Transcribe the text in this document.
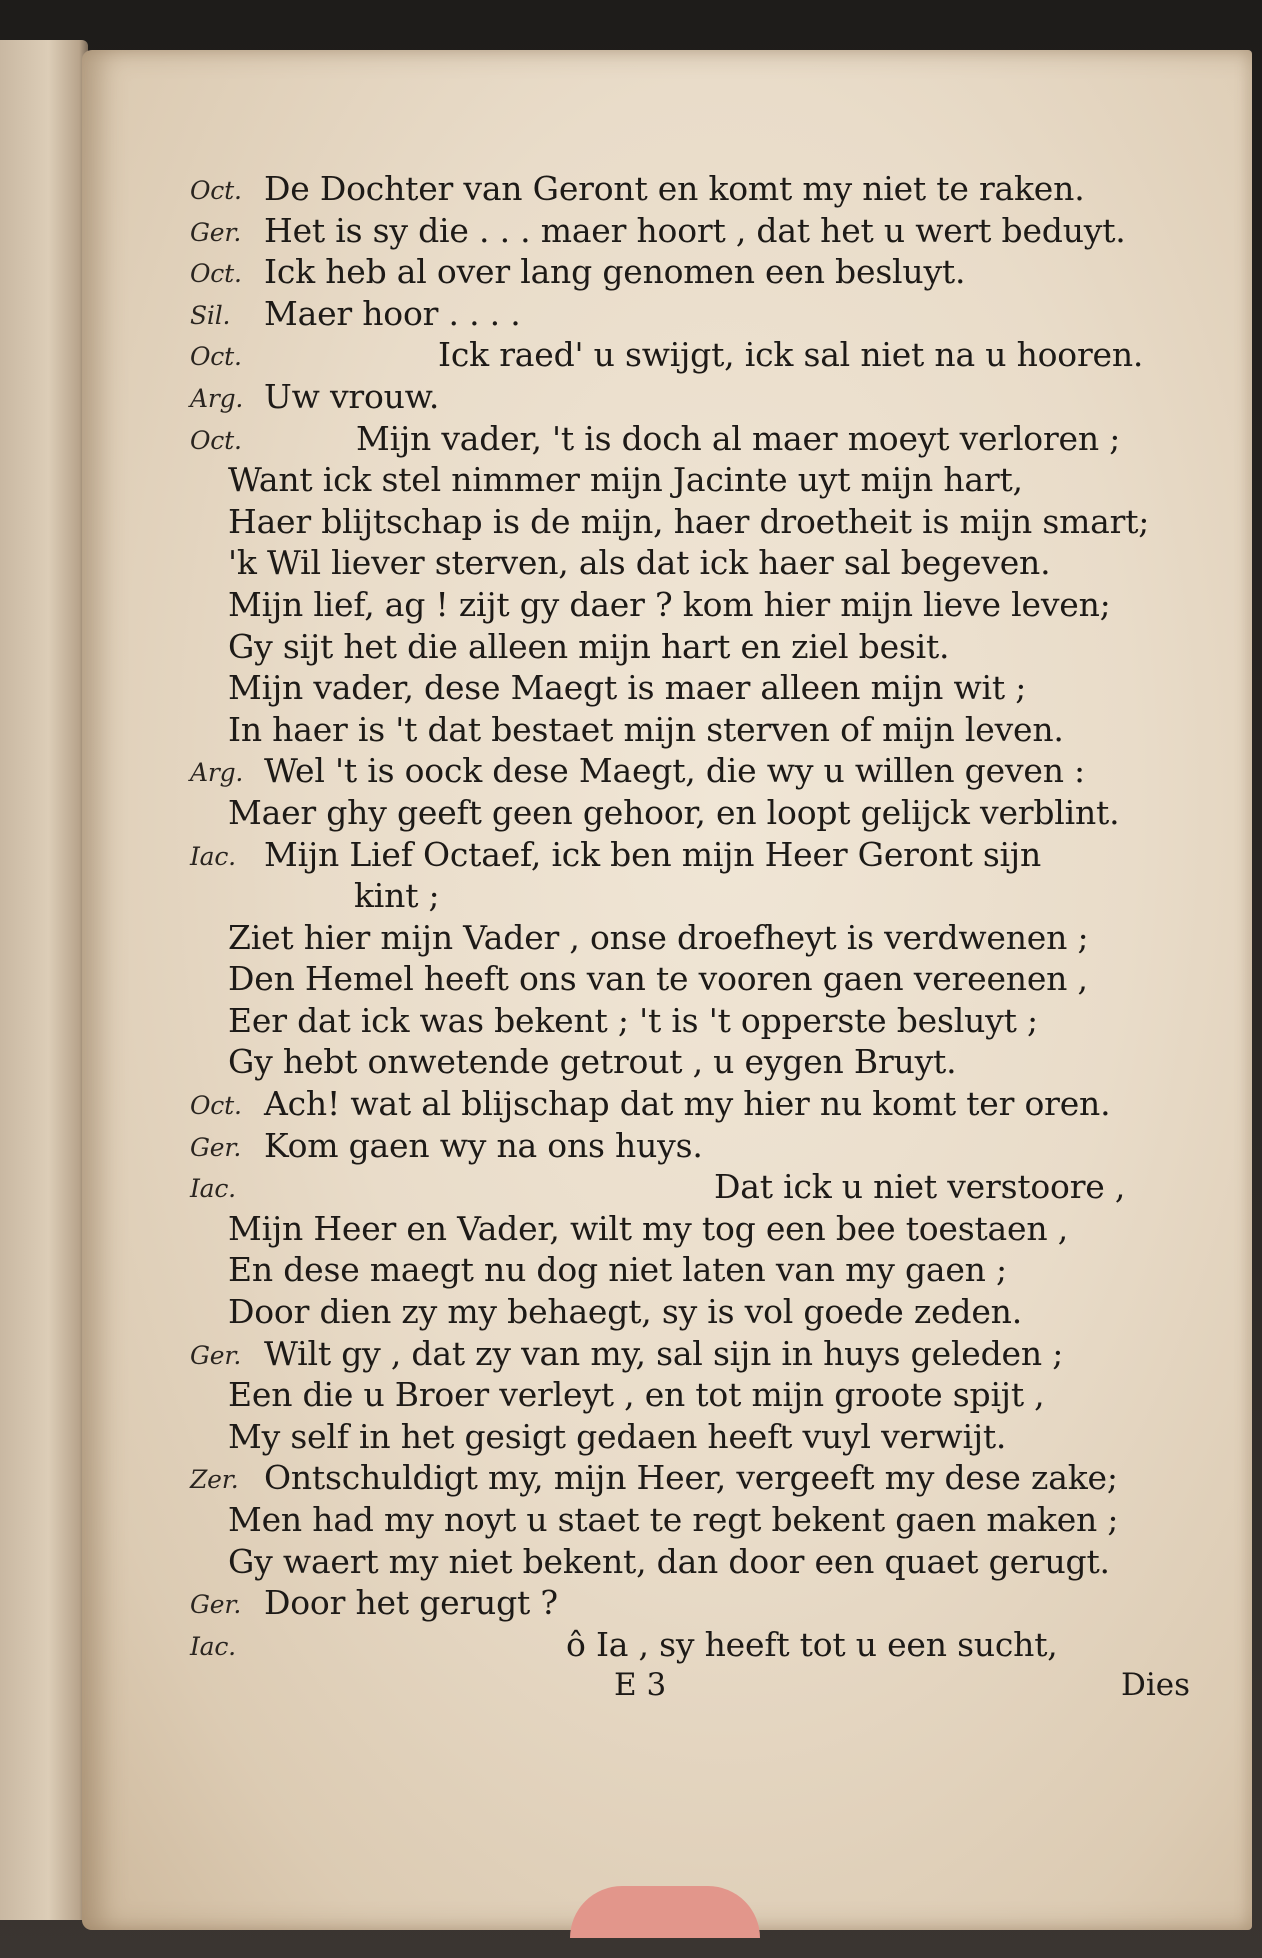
Oct. De Dochter van Geront en komt my niet te raken.
Ger. Het is sy die . . . maer hoort , dat het u wert beduyt.
Oct. Ick heb al over lang genomen een besluyt.
Sil. Maer hoor . . . .
Oct.	Ick raed' u swijgt, ick sal niet na u hooren.
Arg. Uw vrouw.
Oct.	Mijn vader, 't is doch al maer moeyt verloren ;
Want ick stel nimmer mijn Jacinte uyt mijn hart,
Haer blijtschap is de mijn, haer droetheit is mijn smart;
'k Wil liever sterven, als dat ick haer sal begeven.
Mijn lief, ag ! zijt gy daer ? kom hier mijn lieve leven;
Gy sijt het die alleen mijn hart en ziel besit.
Mijn vader, dese Maegt is maer alleen mijn wit ;
In haer is 't dat bestaet mijn sterven of mijn leven.
Arg. Wel 't is oock dese Maegt, die wy u willen geven :
Maer ghy geeft geen gehoor, en loopt gelijck verblint.
Iac. Mijn Lief Octaef, ick ben mijn Heer Geront sijn
kint ;
Ziet hier mijn Vader , onse droefheyt is verdwenen ;
Den Hemel heeft ons van te vooren gaen vereenen ,
Eer dat ick was bekent ; 't is 't opperste besluyt ;
Gy hebt onwetende getrout , u eygen Bruyt.
Oct. Ach! wat al blijschap dat my hier nu komt ter oren.
Ger. Kom gaen wy na ons huys.
Iac.	Dat ick u niet verstoore ,
Mijn Heer en Vader, wilt my tog een bee toestaen ,
En dese maegt nu dog niet laten van my gaen ;
Door dien zy my behaegt, sy is vol goede zeden.
Ger. Wilt gy , dat zy van my, sal sijn in huys geleden ;
Een die u Broer verleyt , en tot mijn groote spijt ,
My self in het gesigt gedaen heeft vuyl verwijt.
Zer. Ontschuldigt my, mijn Heer, vergeeft my dese zake;
Men had my noyt u staet te regt bekent gaen maken ;
Gy waert my niet bekent, dan door een quaet gerugt.
Ger. Door het gerugt ?
Iac.	ô Ia , sy heeft tot u een sucht,
E 3	Dies
